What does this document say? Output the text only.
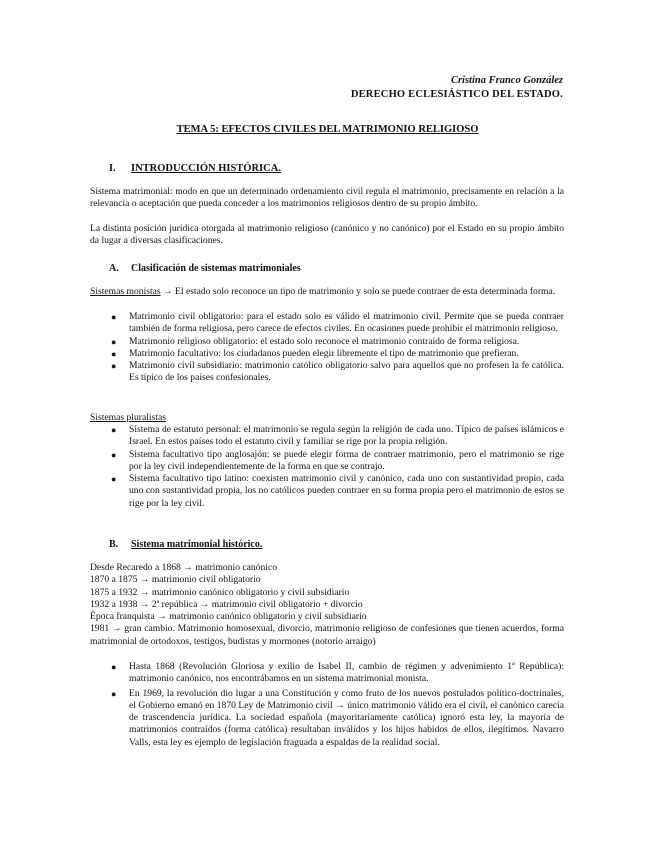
Cristina Franco González
DERECHO ECLESIÁSTICO DEL ESTADO.
TEMA 5: EFECTOS CIVILES DEL MATRIMONIO RELIGIOSO
I. INTRODUCCIÓN HISTÓRICA.

Sistema matrimonial: modo en que un determinado ordenamiento civil regula el matrimonio, precisamente en relación a la relevancia o aceptación que pueda conceder a los matrimonios religiosos dentro de su propio ámbito.

La distinta posición jurídica otorgada al matrimonio religioso (canónico y no canónico) por el Estado en su propio ámbito da lugar a diversas clasificaciones.

A. Clasificación de sistemas matrimoniales

Sistemas monistas → El estado solo reconoce un tipo de matrimonio y solo se puede contraer de esta determinada forma.

● Matrimonio civil obligatorio: para el estado solo es válido el matrimonio civil. Permite que se pueda contraer también de forma religiosa, pero carece de efectos civiles. En ocasiones puede prohibir el matrimonio religioso.
● Matrimonio religioso obligatorio: el estado solo reconoce el matrimonio contraído de forma religiosa.
● Matrimonio facultativo: los ciudadanos pueden elegir libremente el tipo de matrimonio que prefieran.
● Matrimonio civil subsidiario: matrimonio católico obligatorio salvo para aquellos que no profesen la fe católica. Es típico de los países confesionales.

Sistemas pluralistas

● Sistema de estatuto personal: el matrimonio se regula según la religión de cada uno. Típico de países islámicos e Israel. En estos países todo el estatuto civil y familiar se rige por la propia religión.
● Sistema facultativo tipo anglosajón: se puede elegir forma de contraer matrimonio, pero el matrimonio se rige por la ley civil independientemente de la forma en que se contrajo.
● Sistema facultativo tipo latino: coexisten matrimonio civil y canónico, cada uno con sustantividad propio, cada uno con sustantividad propia, los no católicos pueden contraer en su forma propia pero el matrimonio de estos se rige por la ley civil.
B. Sistema matrimonial histórico.
Desde Recaredo a 1868 → matrimonio canónico
1870 a 1875 → matrimonio civil obligatorio
1875 a 1932 → matrimonio canónico obligatorio y civil subsidiario
1932 a 1938 → 2ª república → matrimonio civil obligatorio + divorcio
Época franquista → matrimonio canónico obligatorio y civil subsidiario
1981 → gran cambio. Matrimonio homosexual, divorcio, matrimonio religioso de confesiones que tienen acuerdos, forma matrimonial de ortodoxos, testigos, budistas y mormones (notorio arraigo)
● Hasta 1868 (Revolución Gloriosa y exilio de Isabel II, cambio de régimen y advenimiento 1ª República): matrimonio canónico, nos encontrábamos en un sistema matrimonial monista.
● En 1969, la revolución dio lugar a una Constitución y como fruto de los nuevos postulados político-doctrinales, el Gobierno emanó en 1870 Ley de Matrimonio civil → único matrimonio válido era el civil, el canónico carecía de trascendencia jurídica. La sociedad española (mayoritariamente católica) ignoró esta ley, la mayoría de matrimonios contraídos (forma católica) resultaban inválidos y los hijos habidos de ellos, ilegítimos. Navarro Valls, esta ley es ejemplo de legislación fraguada a espaldas de la realidad social.
